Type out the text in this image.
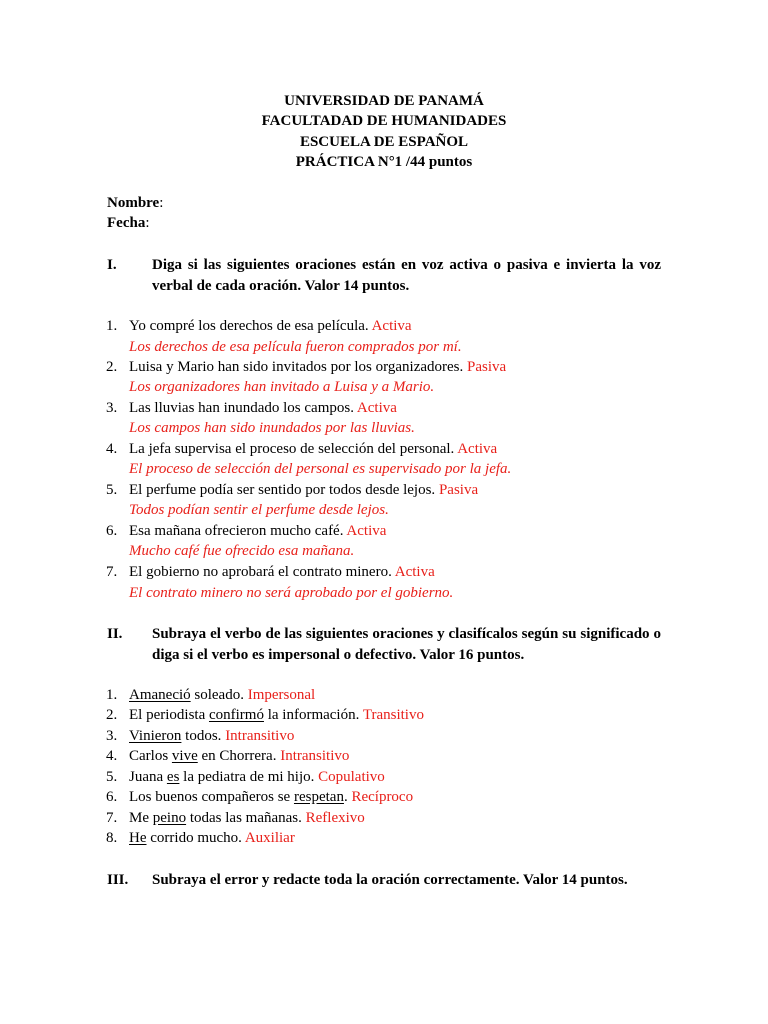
UNIVERSIDAD DE PANAMÁ
FACULTADAD DE HUMANIDADES
ESCUELA DE ESPAÑOL
PRÁCTICA N°1 /44 puntos
Nombre:
Fecha:
I. Diga si las siguientes oraciones están en voz activa o pasiva e invierta la voz verbal de cada oración. Valor 14 puntos.
1. Yo compré los derechos de esa película. Activa
Los derechos de esa película fueron comprados por mí.
2. Luisa y Mario han sido invitados por los organizadores. Pasiva
Los organizadores han invitado a Luisa y a Mario.
3. Las lluvias han inundado los campos. Activa
Los campos han sido inundados por las lluvias.
4. La jefa supervisa el proceso de selección del personal. Activa
El proceso de selección del personal es supervisado por la jefa.
5. El perfume podía ser sentido por todos desde lejos. Pasiva
Todos podían sentir el perfume desde lejos.
6. Esa mañana ofrecieron mucho café. Activa
Mucho café fue ofrecido esa mañana.
7. El gobierno no aprobará el contrato minero. Activa
El contrato minero no será aprobado por el gobierno.
II. Subraya el verbo de las siguientes oraciones y clasifícalos según su significado o diga si el verbo es impersonal o defectivo. Valor 16 puntos.
1. Amaneció soleado. Impersonal
2. El periodista confirmó la información. Transitivo
3. Vinieron todos. Intransitivo
4. Carlos vive en Chorrera. Intransitivo
5. Juana es la pediatra de mi hijo. Copulativo
6. Los buenos compañeros se respetan. Recíproco
7. Me peino todas las mañanas. Reflexivo
8. He corrido mucho. Auxiliar
III. Subraya el error y redacte toda la oración correctamente. Valor 14 puntos.
